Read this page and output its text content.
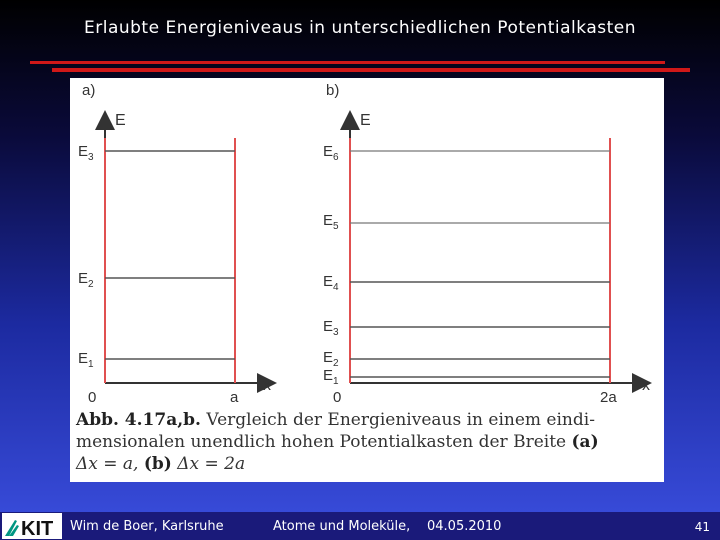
Erlaubte Energieniveaus in unterschiedlichen Potentialkasten
a)
E
x
$E_3$
$E_2$
$E_1$
0	a
b)
E
x
$E_6$
$E_5$
$E_4$
$E_3$
$E_2$
$E_1$
0	2a
Abb. 4.17a,b. Vergleich der Energieniveaus in einem eindi- mensionalen unendlich hohen Potentialkasten der Breite (a)
Δx = a, (b) Δx = 2a
KIT Wim de Boer, Karlsruhe	Atome und Moleküle, 04.05.2010	41
